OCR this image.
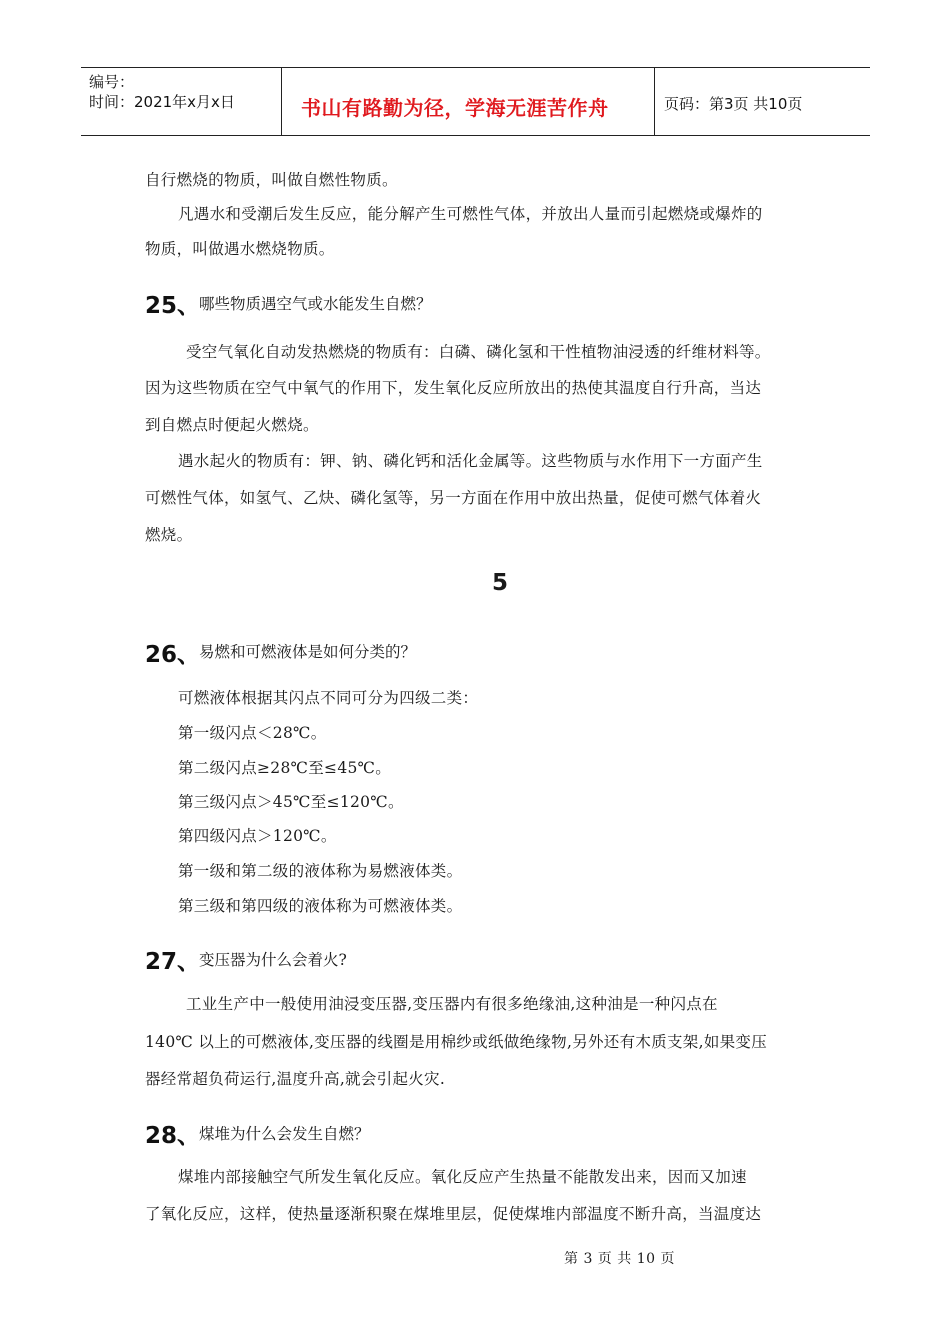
编号：
时间：2021年x月x日	书山有路勤为径，学海无涯苦作舟	页码：第3页 共10页
自行燃烧的物质，叫做自燃性物质。
凡遇水和受潮后发生反应，能分解产生可燃性气体，并放出人量而引起燃烧或爆炸的
物质，叫做遇水燃烧物质。
25、
哪些物质遇空气或水能发生自燃？
受空气氧化自动发热燃烧的物质有：白磷、磷化氢和干性植物油浸透的纤维材料等。
因为这些物质在空气中氧气的作用下，发生氧化反应所放出的热使其温度自行升高，当达
到自燃点时便起火燃烧。
遇水起火的物质有：钾、钠、磷化钙和活化金属等。这些物质与水作用下一方面产生
可燃性气体，如氢气、乙炔、磷化氢等，另一方面在作用中放出热量，促使可燃气体着火
燃烧。
5
26、
易燃和可燃液体是如何分类的？
可燃液体根据其闪点不同可分为四级二类：
第一级闪点＜28℃。
第二级闪点≥28℃至≤45℃。
第三级闪点＞45℃至≤120℃。
第四级闪点＞120℃。
第一级和第二级的液体称为易燃液体类。
第三级和第四级的液体称为可燃液体类。
27、
变压器为什么会着火?
工业生产中一般使用油浸变压器,变压器内有很多绝缘油,这种油是一种闪点在
140℃ 以上的可燃液体,变压器的线圈是用棉纱或纸做绝缘物,另外还有木质支架,如果变压
器经常超负荷运行,温度升高,就会引起火灾.
28、
煤堆为什么会发生自燃？
煤堆内部接触空气所发生氧化反应。氧化反应产生热量不能散发出来，因而又加速
了氧化反应，这样，使热量逐渐积聚在煤堆里层，促使煤堆内部温度不断升高，当温度达
第 3 页 共 10 页
